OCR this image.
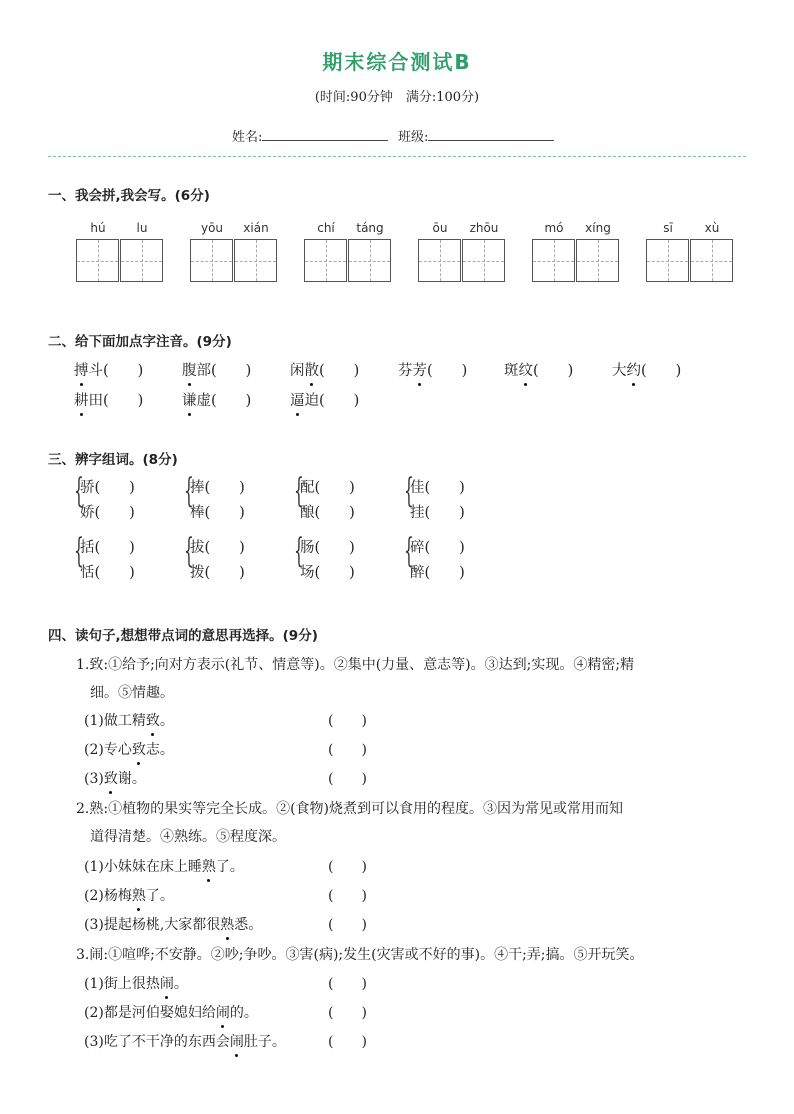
期末综合测试B
(时间:90分钟　满分:100分)
姓名:	班级:
一、我会拼,我会写。(6分)
hú	lu	yōu	xián	chí	táng	ōu	zhōu	mó	xíng	sī	xù
二、给下面加点字注音。(9分)
搏斗(　　)	腹部(　　)	闲散(　　)	芬芳(　　)	斑纹(　　)	大约(　　)
耕田(　　)	谦虚(　　)	逼迫(　　)
三、辨字组词。(8分)
{
骄(　　)
娇(　　)
{
捧(　　)
棒(　　)
{
配(　　)
酿(　　)
{
佳(　　)
挂(　　)
{
括(　　)
恬(　　)
{
拔(　　)
拨(　　)
{
肠(　　)
场(　　)
{
碎(　　)
醉(　　)
四、读句子,想想带点词的意思再选择。(9分)
1.致:①给予;向对方表示(礼节、情意等)。②集中(力量、意志等)。③达到;实现。④精密;精
细。⑤情趣。
(1)做工精致。	(　　)
(2)专心致志。	(　　)
(3)致谢。	(　　)
2.熟:①植物的果实等完全长成。②(食物)烧煮到可以食用的程度。③因为常见或常用而知
道得清楚。④熟练。⑤程度深。
(1)小妹妹在床上睡熟了。	(　　)
(2)杨梅熟了。	(　　)
(3)提起杨桃,大家都很熟悉。	(　　)
3.闹:①喧哗;不安静。②吵;争吵。③害(病);发生(灾害或不好的事)。④干;弄;搞。⑤开玩笑。
(1)街上很热闹。	(　　)
(2)都是河伯娶媳妇给闹的。	(　　)
(3)吃了不干净的东西会闹肚子。	(　　)
